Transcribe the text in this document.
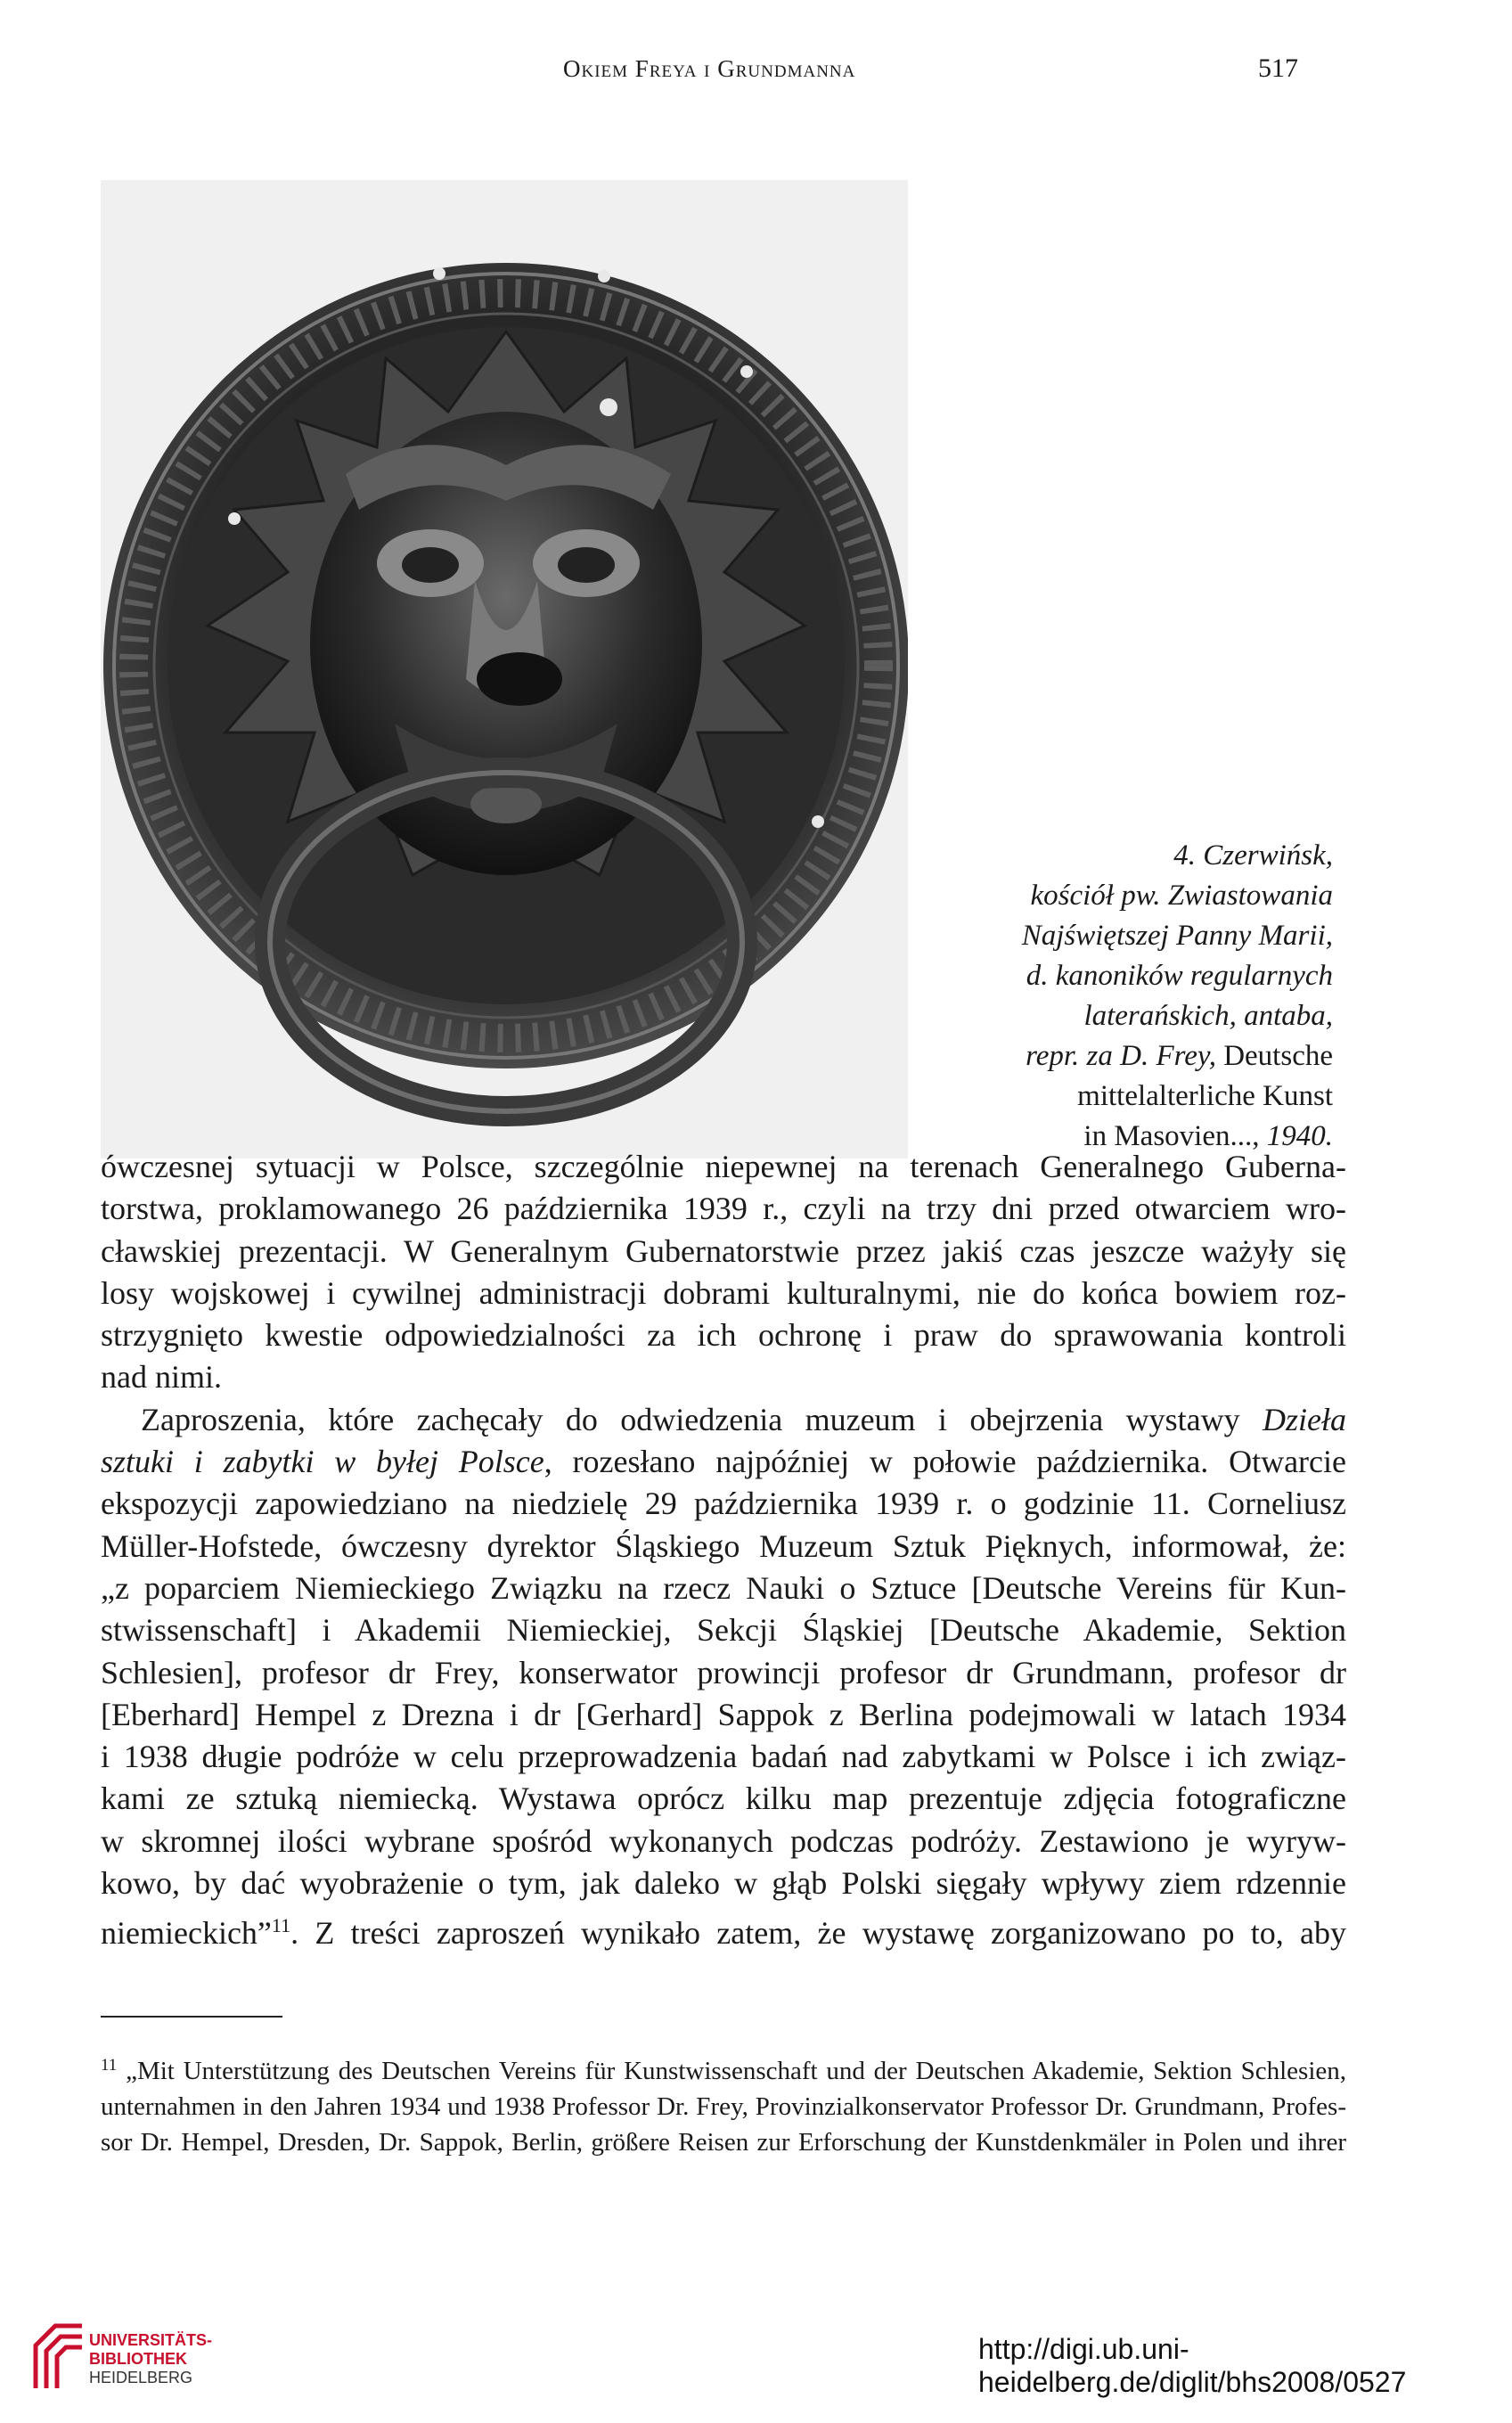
Okiem Freya i Grundmanna	517
4. Czerwińsk,
kościół pw. Zwiastowania
Najświętszej Panny Marii,
d. kanoników regularnych
laterańskich, antaba,
repr. za D. Frey, Deutsche
mittelalterliche Kunst
in Masovien..., 1940.

ówczesnej sytuacji w Polsce, szczególnie niepewnej na terenach Generalnego Guberna-
torstwa, proklamowanego 26 października 1939 r., czyli na trzy dni przed otwarciem wro-
cławskiej prezentacji. W Generalnym Gubernatorstwie przez jakiś czas jeszcze ważyły się
losy wojskowej i cywilnej administracji dobrami kulturalnymi, nie do końca bowiem roz-
strzygnięto kwestie odpowiedzialności za ich ochronę i praw do sprawowania kontroli
nad nimi.

Zaproszenia, które zachęcały do odwiedzenia muzeum i obejrzenia wystawy Dzieła
sztuki i zabytki w byłej Polsce, rozesłano najpóźniej w połowie października. Otwarcie
ekspozycji zapowiedziano na niedzielę 29 października 1939 r. o godzinie 11. Corneliusz
Müller-Hofstede, ówczesny dyrektor Śląskiego Muzeum Sztuk Pięknych, informował, że:
„z poparciem Niemieckiego Związku na rzecz Nauki o Sztuce [Deutsche Vereins für Kun-
stwissenschaft] i Akademii Niemieckiej, Sekcji Śląskiej [Deutsche Akademie, Sektion
Schlesien], profesor dr Frey, konserwator prowincji profesor dr Grundmann, profesor dr
[Eberhard] Hempel z Drezna i dr [Gerhard] Sappok z Berlina podejmowali w latach 1934
i 1938 długie podróże w celu przeprowadzenia badań nad zabytkami w Polsce i ich związ-
kami ze sztuką niemiecką. Wystawa oprócz kilku map prezentuje zdjęcia fotograficzne
w skromnej ilości wybrane spośród wykonanych podczas podróży. Zestawiono je wyryw-
kowo, by dać wyobrażenie o tym, jak daleko w głąb Polski sięgały wpływy ziem rdzennie
niemieckich”$^{11}$. Z treści zaproszeń wynikało zatem, że wystawę zorganizowano po to, aby

$^{11}$ „Mit Unterstützung des Deutschen Vereins für Kunstwissenschaft und der Deutschen Akademie, Sektion Schlesien,
unternahmen in den Jahren 1934 und 1938 Professor Dr. Frey, Provinzialkonservator Professor Dr. Grundmann, Profes-
sor Dr. Hempel, Dresden, Dr. Sappok, Berlin, größere Reisen zur Erforschung der Kunstdenkmäler in Polen und ihrer
UNIVERSITÄTS-
BIBLIOTHEK
HEIDELBERG
http://digi.ub.uni-heidelberg.de/diglit/bhs2008/0527
